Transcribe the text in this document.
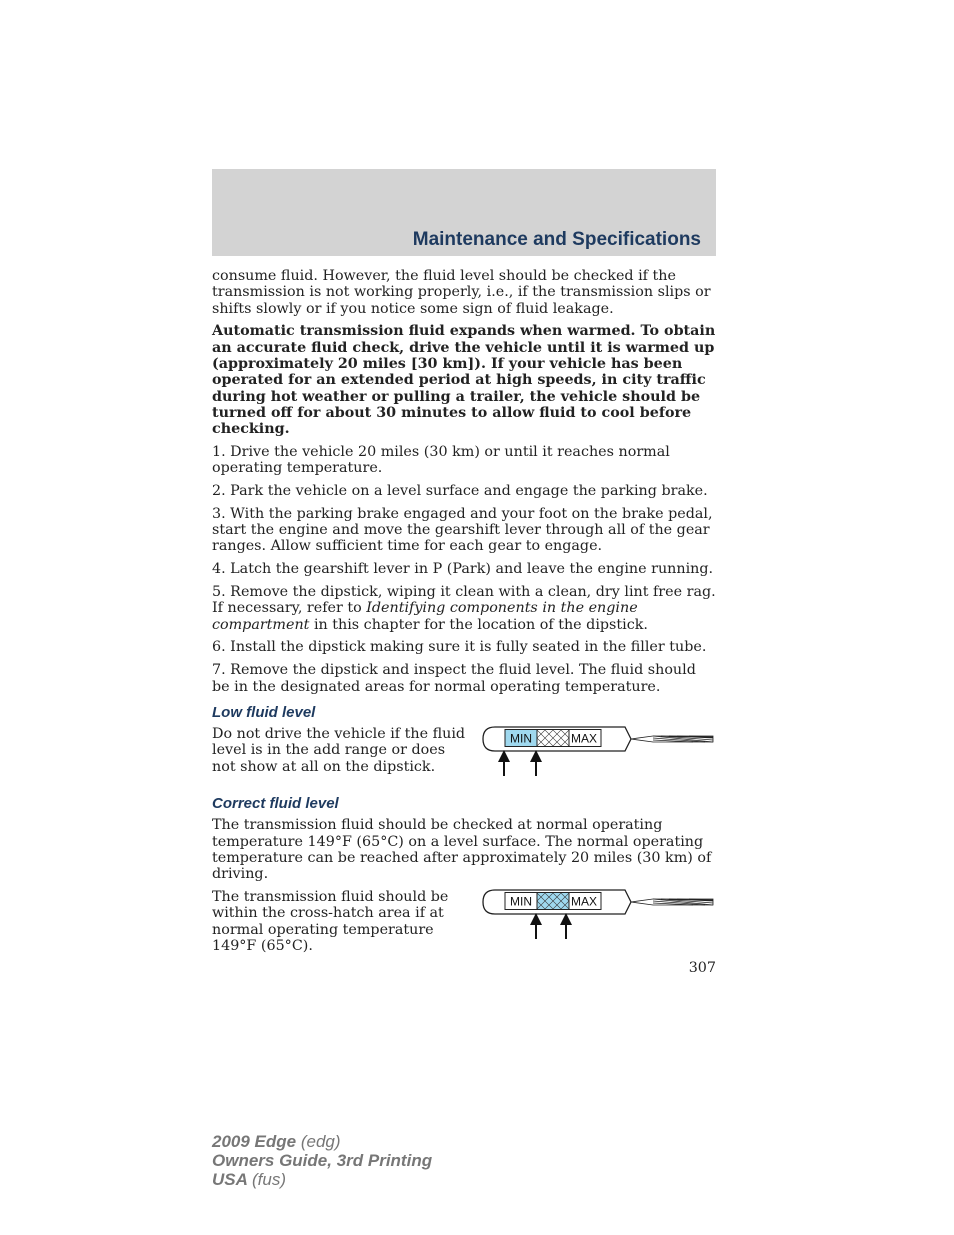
Maintenance and Specifications

consume fluid. However, the fluid level should be checked if the transmission is not working properly, i.e., if the transmission slips or shifts slowly or if you notice some sign of fluid leakage.

Automatic transmission fluid expands when warmed. To obtain an accurate fluid check, drive the vehicle until it is warmed up (approximately 20 miles [30 km]). If your vehicle has been operated for an extended period at high speeds, in city traffic during hot weather or pulling a trailer, the vehicle should be turned off for about 30 minutes to allow fluid to cool before checking.

1. Drive the vehicle 20 miles (30 km) or until it reaches normal operating temperature.

2. Park the vehicle on a level surface and engage the parking brake.

3. With the parking brake engaged and your foot on the brake pedal, start the engine and move the gearshift lever through all of the gear ranges. Allow sufficient time for each gear to engage.

4. Latch the gearshift lever in P (Park) and leave the engine running.

5. Remove the dipstick, wiping it clean with a clean, dry lint free rag. If necessary, refer to Identifying components in the engine compartment in this chapter for the location of the dipstick.

6. Install the dipstick making sure it is fully seated in the filler tube.

7. Remove the dipstick and inspect the fluid level. The fluid should be in the designated areas for normal operating temperature.

Low fluid level

Do not drive the vehicle if the fluid level is in the add range or does not show at all on the dipstick.

MIN	MAX
Correct fluid level

The transmission fluid should be checked at normal operating temperature 149°F (65°C) on a level surface. The normal operating temperature can be reached after approximately 20 miles (30 km) of driving.

The transmission fluid should be within the cross-hatch area if at normal operating temperature 149°F (65°C).

MIN	MAX
307
2009 Edge (edg)
Owners Guide, 3rd Printing
USA (fus)
